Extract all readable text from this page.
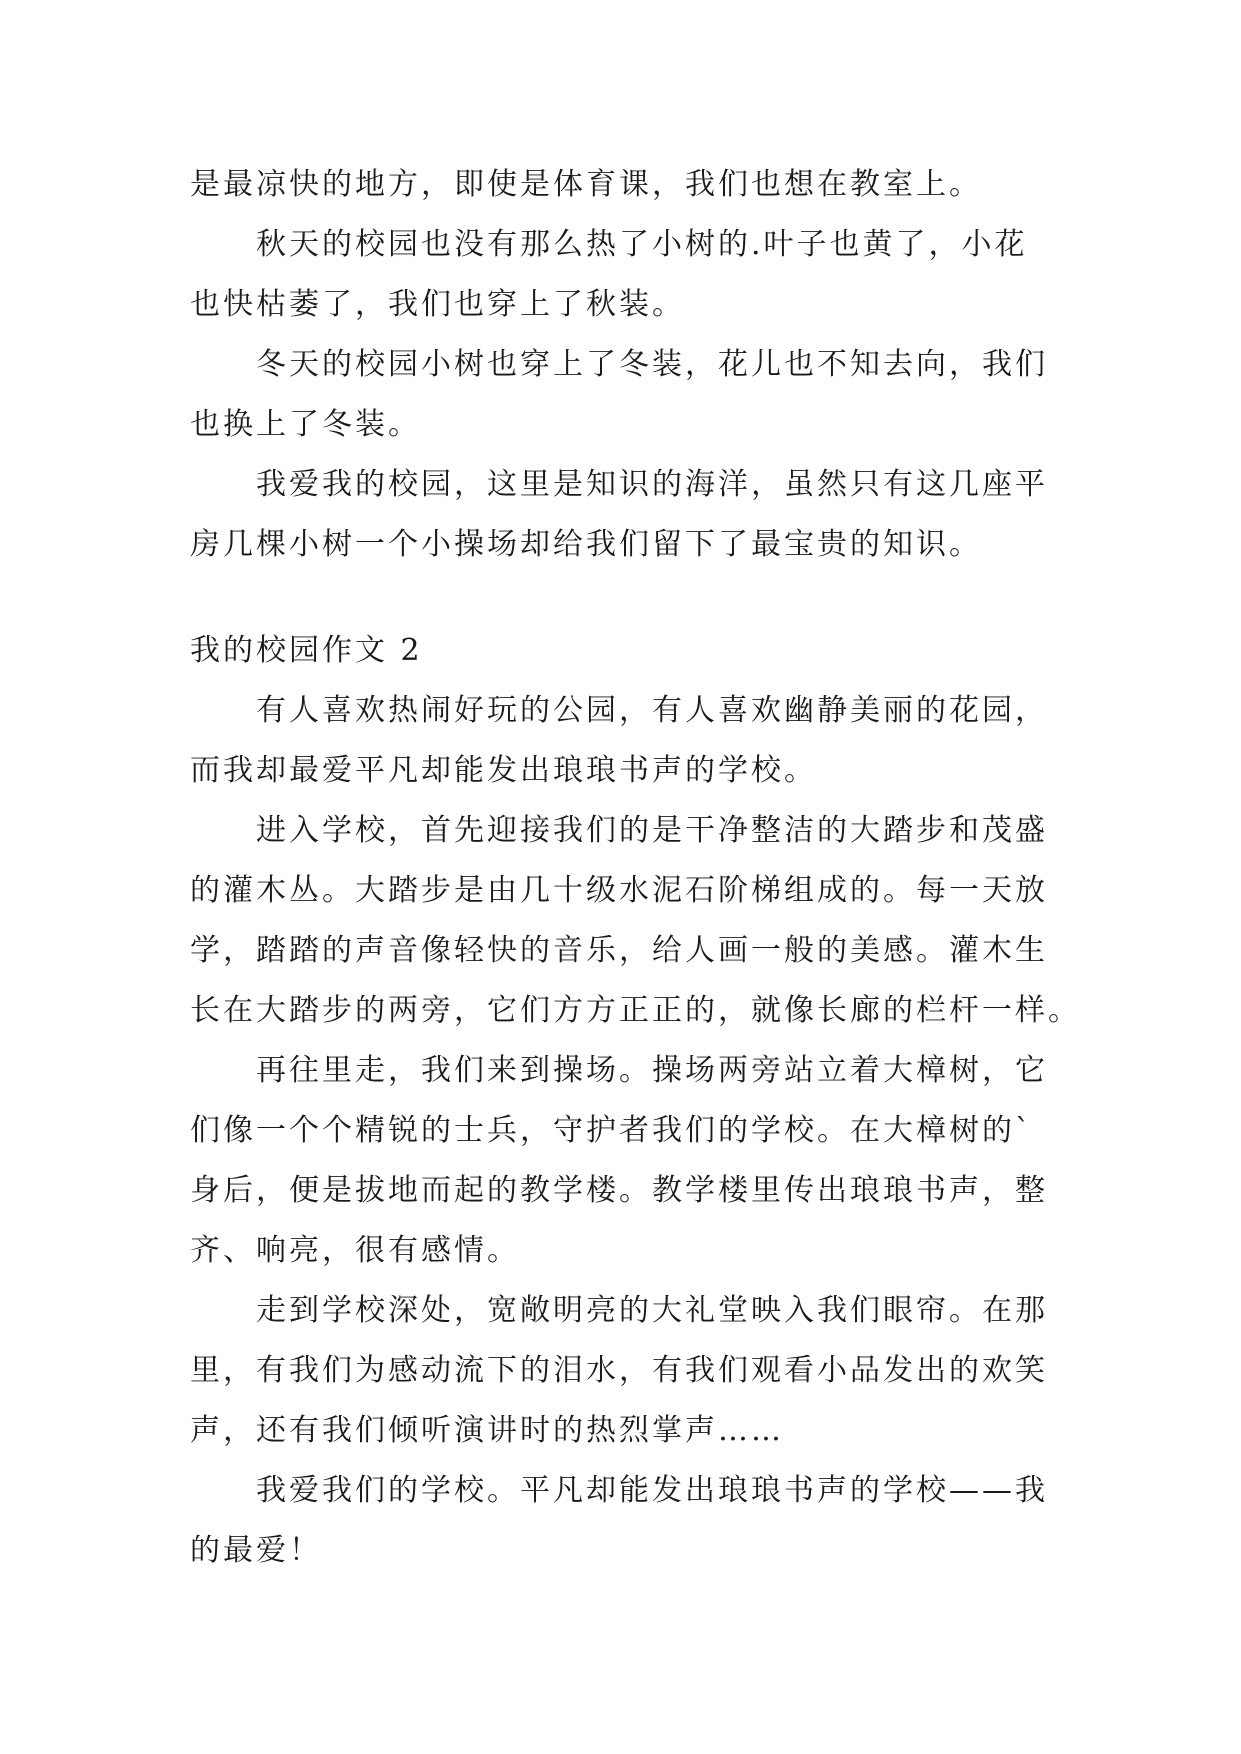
是最凉快的地方，即使是体育课，我们也想在教室上。
　　秋天的校园也没有那么热了小树的.叶子也黄了，小花
也快枯萎了，我们也穿上了秋装。
　　冬天的校园小树也穿上了冬装，花儿也不知去向，我们
也换上了冬装。
　　我爱我的校园，这里是知识的海洋，虽然只有这几座平
房几棵小树一个小操场却给我们留下了最宝贵的知识。
我的校园作文 2
　　有人喜欢热闹好玩的公园，有人喜欢幽静美丽的花园，
而我却最爱平凡却能发出琅琅书声的学校。
　　进入学校，首先迎接我们的是干净整洁的大踏步和茂盛
的灌木丛。大踏步是由几十级水泥石阶梯组成的。每一天放
学，踏踏的声音像轻快的音乐，给人画一般的美感。灌木生
长在大踏步的两旁，它们方方正正的，就像长廊的栏杆一样。
　　再往里走，我们来到操场。操场两旁站立着大樟树，它
们像一个个精锐的士兵，守护者我们的学校。在大樟树的`
身后，便是拔地而起的教学楼。教学楼里传出琅琅书声，整
齐、响亮，很有感情。
　　走到学校深处，宽敞明亮的大礼堂映入我们眼帘。在那
里，有我们为感动流下的泪水，有我们观看小品发出的欢笑
声，还有我们倾听演讲时的热烈掌声……
　　我爱我们的学校。平凡却能发出琅琅书声的学校——我
的最爱！
